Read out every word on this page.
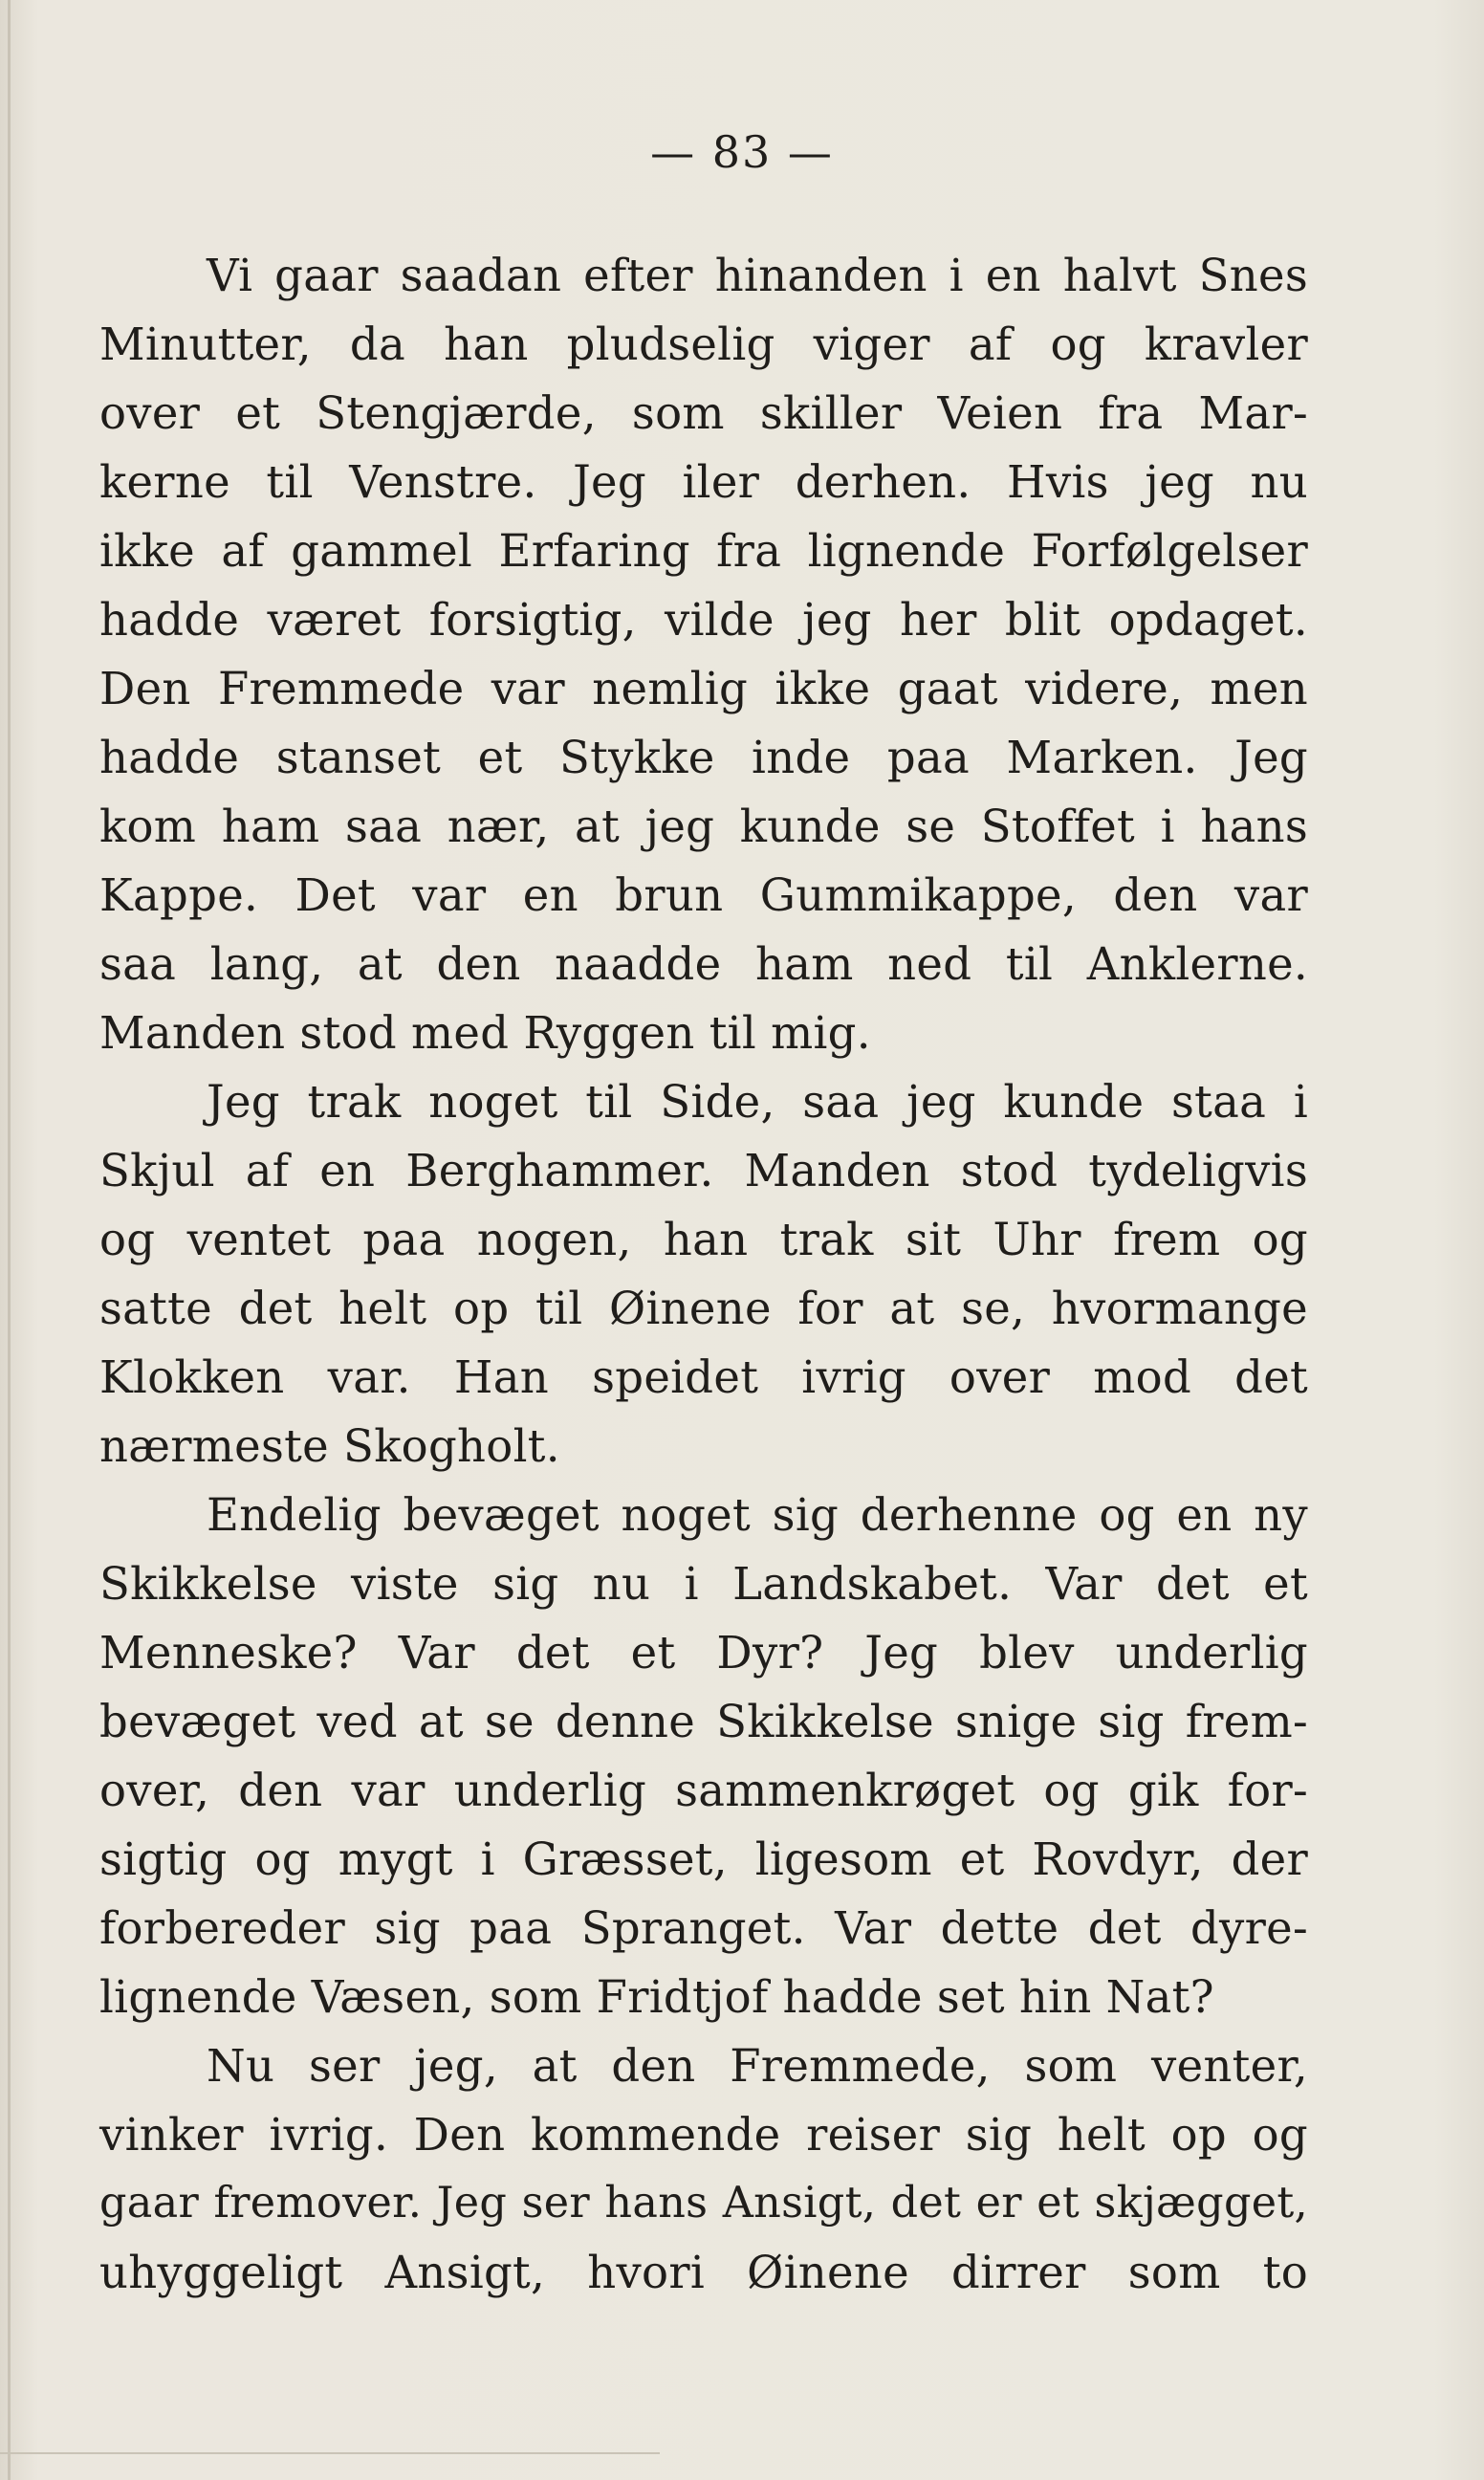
— 83 —
Vi gaar saadan efter hinanden i en halvt Snes
Minutter, da han pludselig viger af og kravler
over et Stengjærde, som skiller Veien fra Mar-
kerne til Venstre. Jeg iler derhen. Hvis jeg nu
ikke af gammel Erfaring fra lignende Forfølgelser
hadde været forsigtig, vilde jeg her blit opdaget.
Den Fremmede var nemlig ikke gaat videre, men
hadde stanset et Stykke inde paa Marken. Jeg
kom ham saa nær, at jeg kunde se Stoffet i hans
Kappe. Det var en brun Gummikappe, den var
saa lang, at den naadde ham ned til Anklerne.
Manden stod med Ryggen til mig.
Jeg trak noget til Side, saa jeg kunde staa i
Skjul af en Berghammer. Manden stod tydeligvis
og ventet paa nogen, han trak sit Uhr frem og
satte det helt op til Øinene for at se, hvormange
Klokken var. Han speidet ivrig over mod det
nærmeste Skogholt.
Endelig bevæget noget sig derhenne og en ny
Skikkelse viste sig nu i Landskabet. Var det et
Menneske? Var det et Dyr? Jeg blev underlig
bevæget ved at se denne Skikkelse snige sig frem-
over, den var underlig sammenkrøget og gik for-
sigtig og mygt i Græsset, ligesom et Rovdyr, der
forbereder sig paa Spranget. Var dette det dyre-
lignende Væsen, som Fridtjof hadde set hin Nat?
Nu ser jeg, at den Fremmede, som venter,
vinker ivrig. Den kommende reiser sig helt op og
gaar fremover. Jeg ser hans Ansigt, det er et skjægget,
uhyggeligt Ansigt, hvori Øinene dirrer som to
